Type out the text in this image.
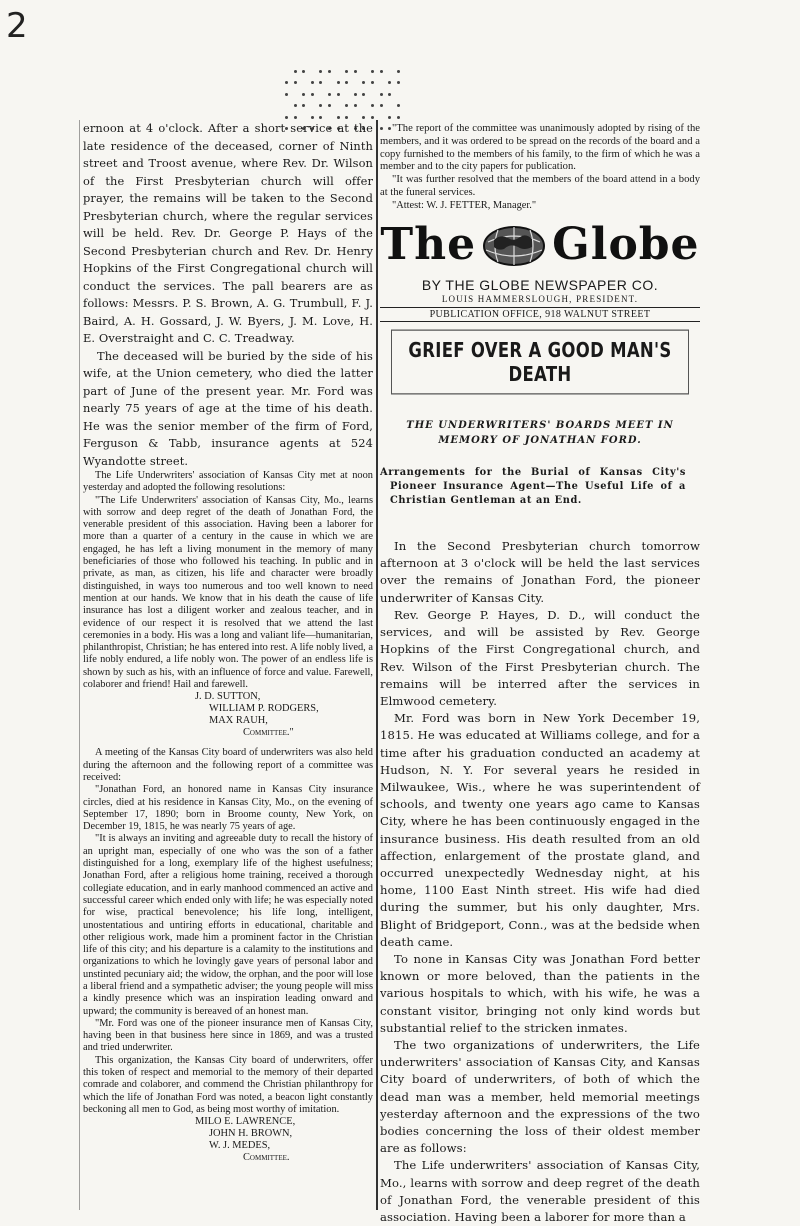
2

ernoon at 4 o'clock. After a short service at the late residence of the deceased, corner of Ninth street and Troost avenue, where Rev. Dr. Wilson of the First Presbyterian church will offer prayer, the remains will be taken to the Second Presbyterian church, where the regular services will be held. Rev. Dr. George P. Hays of the Second Presbyterian church and Rev. Dr. Henry Hopkins of the First Congregational church will conduct the services. The pall bearers are as follows: Messrs. P. S. Brown, A. G. Trumbull, F. J. Baird, A. H. Gossard, J. W. Byers, J. M. Love, H. E. Overstraight and C. C. Treadway.

The deceased will be buried by the side of his wife, at the Union cemetery, who died the latter part of June of the present year. Mr. Ford was nearly 75 years of age at the time of his death. He was the senior member of the firm of Ford, Ferguson & Tabb, insurance agents at 524 Wyandotte street.

The Life Underwriters' association of Kansas City met at noon yesterday and adopted the following resolutions:

"The Life Underwriters' association of Kansas City, Mo., learns with sorrow and deep regret of the death of Jonathan Ford, the venerable president of this association. Having been a laborer for more than a quarter of a century in the cause in which we are engaged, he has left a living monument in the memory of many beneficiaries of those who followed his teaching. In public and in private, as man, as citizen, his life and character were broadly distinguished, in ways too numerous and too well known to need mention at our hands. We know that in his death the cause of life insurance has lost a diligent worker and zealous teacher, and in evidence of our respect it is resolved that we attend the last ceremonies in a body. His was a long and valiant life—humanitarian, philanthropist, Christian; he has entered into rest. A life nobly lived, a life nobly endured, a life nobly won. The power of an endless life is shown by such as his, with an influence of force and value. Farewell, colaborer and friend! Hail and farewell.

J. D. SUTTON,

WILLIAM P. RODGERS,

MAX RAUH,

Committee."

A meeting of the Kansas City board of underwriters was also held during the afternoon and the following report of a committee was received:

"Jonathan Ford, an honored name in Kansas City insurance circles, died at his residence in Kansas City, Mo., on the evening of September 17, 1890; born in Broome county, New York, on December 19, 1815, he was nearly 75 years of age.

"It is always an inviting and agreeable duty to recall the history of an upright man, especially of one who was the son of a father distinguished for a long, exemplary life of the highest usefulness; Jonathan Ford, after a religious home training, received a thorough collegiate education, and in early manhood commenced an active and successful career which ended only with life; he was especially noted for wise, practical benevolence; his life long, intelligent, unostentatious and untiring efforts in educational, charitable and other religious work, made him a prominent factor in the Christian life of this city; and his departure is a calamity to the institutions and organizations to which he lovingly gave years of personal labor and unstinted pecuniary aid; the widow, the orphan, and the poor will lose a liberal friend and a sympathetic adviser; the young people will miss a kindly presence which was an inspiration leading onward and upward; the community is bereaved of an honest man.

"Mr. Ford was one of the pioneer insurance men of Kansas City, having been in that business here since in 1869, and was a trusted and tried underwriter.

This organization, the Kansas City board of underwriters, offer this token of respect and memorial to the memory of their departed comrade and colaborer, and commend the Christian philanthropy for which the life of Jonathan Ford was noted, a beacon light constantly beckoning all men to God, as being most worthy of imitation.

MILO E. LAWRENCE,

JOHN H. BROWN,

W. J. MEDES,

Committee.

"The report of the committee was unanimously adopted by rising of the members, and it was ordered to be spread on the records of the board and a copy furnished to the members of his family, to the firm of which he was a member and to the city papers for publication.

"It was further resolved that the members of the board attend in a body at the funeral services.

"Attest: W. J. FETTER, Manager."

The Globe
BY THE GLOBE NEWSPAPER CO.
LOUIS HAMMERSLOUGH, PRESIDENT.
PUBLICATION OFFICE, 918 WALNUT STREET
GRIEF OVER A GOOD MAN'S DEATH
THE UNDERWRITERS' BOARDS MEET IN MEMORY OF JONATHAN FORD.
Arrangements for the Burial of Kansas City's Pioneer Insurance Agent—The Useful Life of a Christian Gentleman at an End.

In the Second Presbyterian church tomorrow afternoon at 3 o'clock will be held the last services over the remains of Jonathan Ford, the pioneer underwriter of Kansas City.

Rev. George P. Hayes, D. D., will conduct the services, and will be assisted by Rev. George Hopkins of the First Congregational church, and Rev. Wilson of the First Presbyterian church. The remains will be interred after the services in Elmwood cemetery.

Mr. Ford was born in New York December 19, 1815. He was educated at Williams college, and for a time after his graduation conducted an academy at Hudson, N. Y. For several years he resided in Milwaukee, Wis., where he was superintendent of schools, and twenty one years ago came to Kansas City, where he has been continuously engaged in the insurance business. His death resulted from an old affection, enlargement of the prostate gland, and occurred unexpectedly Wednesday night, at his home, 1100 East Ninth street. His wife had died during the summer, but his only daughter, Mrs. Blight of Bridgeport, Conn., was at the bedside when death came.

To none in Kansas City was Jonathan Ford better known or more beloved, than the patients in the various hospitals to which, with his wife, he was a constant visitor, bringing not only kind words but substantial relief to the stricken inmates.

The two organizations of underwriters, the Life underwriters' association of Kansas City, and Kansas City board of underwriters, of both of which the dead man was a member, held memorial meetings yesterday afternoon and the expressions of the two bodies concerning the loss of their oldest member are as follows:

The Life underwriters' association of Kansas City, Mo., learns with sorrow and deep regret of the death of Jonathan Ford, the venerable president of this association. Having been a laborer for more than a
